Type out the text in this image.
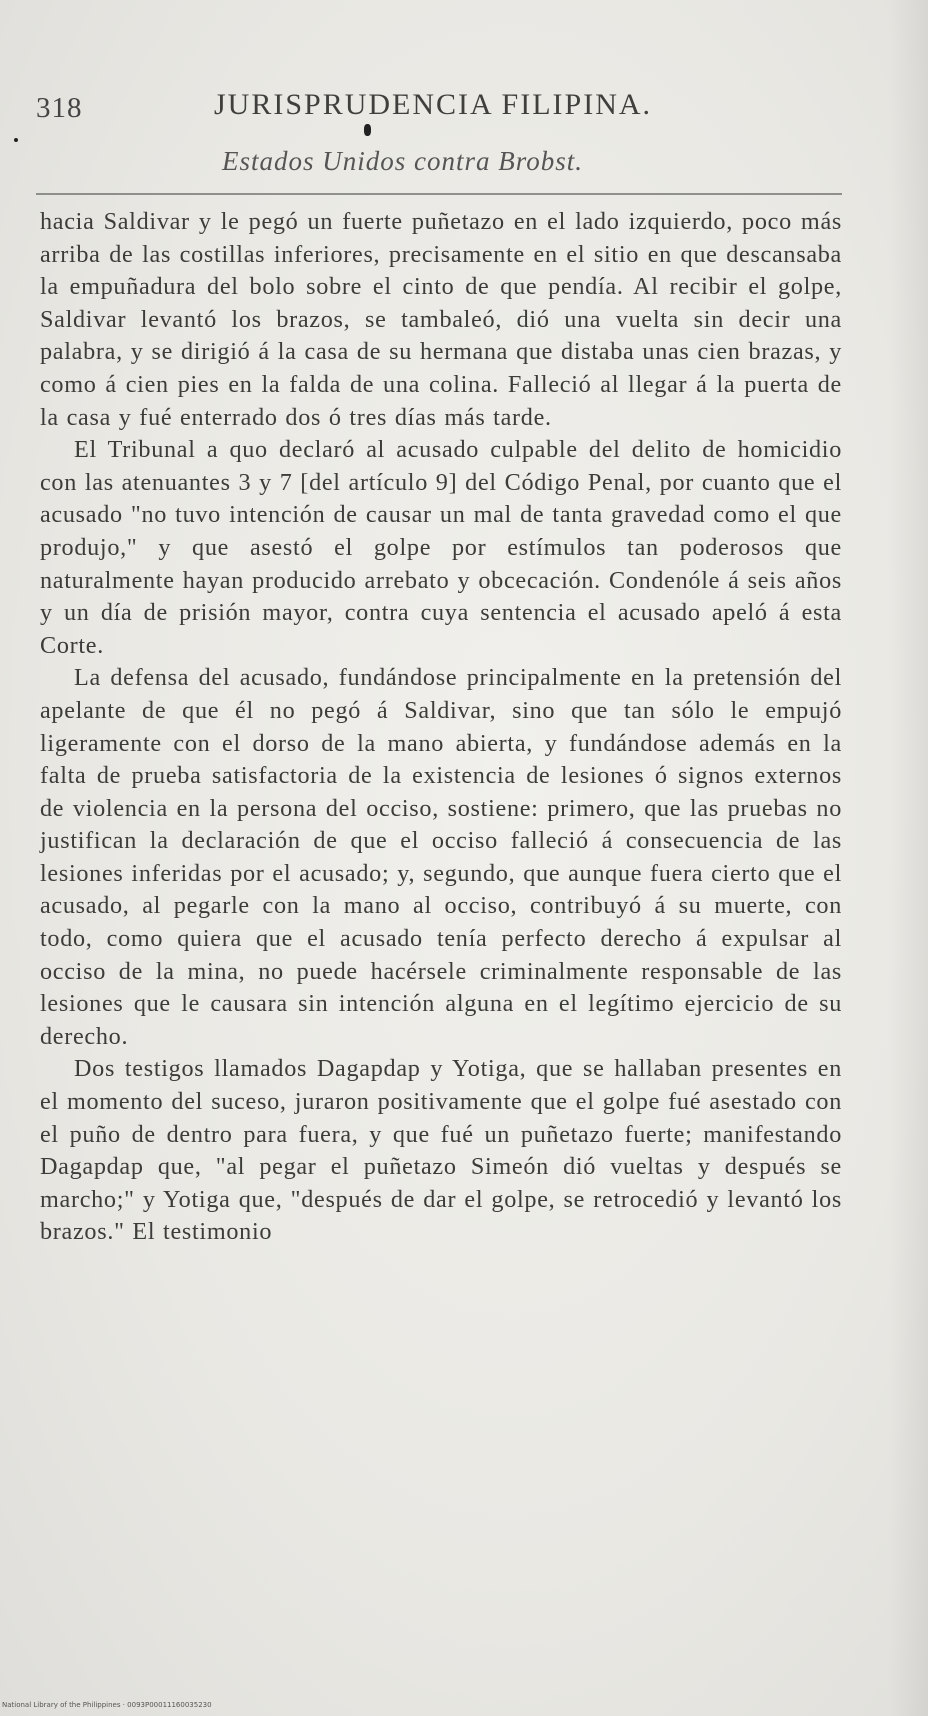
318	JURISPRUDENCIA FILIPINA.
Estados Unidos contra Brobst.

hacia Saldivar y le pegó un fuerte puñetazo en el lado izquierdo, poco más arriba de las costillas inferiores, precisamente en el sitio en que descansaba la empuñadura del bolo sobre el cinto de que pendía. Al recibir el golpe, Saldivar levantó los brazos, se tambaleó, dió una vuelta sin decir una palabra, y se dirigió á la casa de su hermana que distaba unas cien brazas, y como á cien pies en la falda de una colina. Falleció al llegar á la puerta de la casa y fué enterrado dos ó tres días más tarde.

El Tribunal a quo declaró al acusado culpable del delito de homicidio con las atenuantes 3 y 7 [del artículo 9] del Código Penal, por cuanto que el acusado "no tuvo intención de causar un mal de tanta gravedad como el que produjo," y que asestó el golpe por estímulos tan poderosos que naturalmente hayan producido arrebato y obcecación. Condenóle á seis años y un día de prisión mayor, contra cuya sentencia el acusado apeló á esta Corte.

La defensa del acusado, fundándose principalmente en la pretensión del apelante de que él no pegó á Saldivar, sino que tan sólo le empujó ligeramente con el dorso de la mano abierta, y fundándose además en la falta de prueba satisfactoria de la existencia de lesiones ó signos externos de violencia en la persona del occiso, sostiene: primero, que las pruebas no justifican la declaración de que el occiso falleció á consecuencia de las lesiones inferidas por el acusado; y, segundo, que aunque fuera cierto que el acusado, al pegarle con la mano al occiso, contribuyó á su muerte, con todo, como quiera que el acusado tenía perfecto derecho á expulsar al occiso de la mina, no puede hacérsele criminalmente responsable de las lesiones que le causara sin intención alguna en el legítimo ejercicio de su derecho.

Dos testigos llamados Dagapdap y Yotiga, que se hallaban presentes en el momento del suceso, juraron positivamente que el golpe fué asestado con el puño de dentro para fuera, y que fué un puñetazo fuerte; manifestando Dagapdap que, "al pegar el puñetazo Simeón dió vueltas y después se marcho;" y Yotiga que, "después de dar el golpe, se retrocedió y levantó los brazos." El testimonio

National Library of the Philippines · 0093P00011160035230
